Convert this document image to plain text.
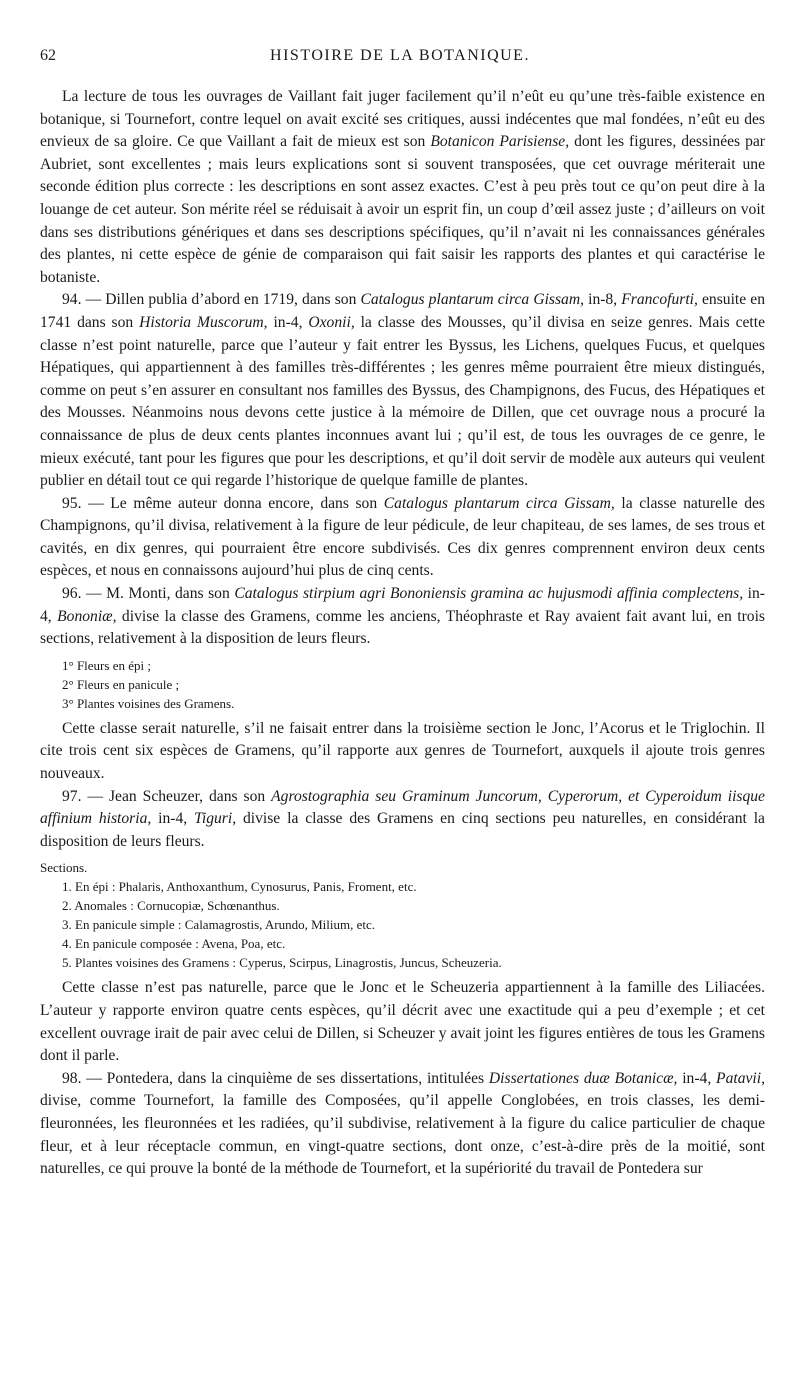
62	HISTOIRE DE LA BOTANIQUE.

La lecture de tous les ouvrages de Vaillant fait juger facilement qu’il n’eût eu qu’une très-faible existence en botanique, si Tournefort, contre lequel on avait excité ses critiques, aussi indécentes que mal fondées, n’eût eu des envieux de sa gloire. Ce que Vaillant a fait de mieux est son Botanicon Parisiense, dont les figures, dessinées par Aubriet, sont excellentes ; mais leurs explications sont si souvent transposées, que cet ouvrage mériterait une seconde édition plus correcte : les descriptions en sont assez exactes. C’est à peu près tout ce qu’on peut dire à la louange de cet auteur. Son mérite réel se réduisait à avoir un esprit fin, un coup d’œil assez juste ; d’ailleurs on voit dans ses distributions génériques et dans ses descriptions spécifiques, qu’il n’avait ni les connaissances générales des plantes, ni cette espèce de génie de comparaison qui fait saisir les rapports des plantes et qui caractérise le botaniste.

94. — Dillen publia d’abord en 1719, dans son Catalogus plantarum circa Gissam, in-8, Francofurti, ensuite en 1741 dans son Historia Muscorum, in-4, Oxonii, la classe des Mousses, qu’il divisa en seize genres. Mais cette classe n’est point naturelle, parce que l’auteur y fait entrer les Byssus, les Lichens, quelques Fucus, et quelques Hépatiques, qui appartiennent à des familles très-différentes ; les genres même pourraient être mieux distingués, comme on peut s’en assurer en consultant nos familles des Byssus, des Champignons, des Fucus, des Hépatiques et des Mousses. Néanmoins nous devons cette justice à la mémoire de Dillen, que cet ouvrage nous a procuré la connaissance de plus de deux cents plantes inconnues avant lui ; qu’il est, de tous les ouvrages de ce genre, le mieux exécuté, tant pour les figures que pour les descriptions, et qu’il doit servir de modèle aux auteurs qui veulent publier en détail tout ce qui regarde l’historique de quelque famille de plantes.

95. — Le même auteur donna encore, dans son Catalogus plantarum circa Gissam, la classe naturelle des Champignons, qu’il divisa, relativement à la figure de leur pédicule, de leur chapiteau, de ses lames, de ses trous et cavités, en dix genres, qui pourraient être encore subdivisés. Ces dix genres comprennent environ deux cents espèces, et nous en connaissons aujourd’hui plus de cinq cents.

96. — M. Monti, dans son Catalogus stirpium agri Bononiensis gramina ac hujusmodi affinia complectens, in-4, Bononiæ, divise la classe des Gramens, comme les anciens, Théophraste et Ray avaient fait avant lui, en trois sections, relativement à la disposition de leurs fleurs.

1° Fleurs en épi ;
2° Fleurs en panicule ;
3° Plantes voisines des Gramens.

Cette classe serait naturelle, s’il ne faisait entrer dans la troisième section le Jonc, l’Acorus et le Triglochin. Il cite trois cent six espèces de Gramens, qu’il rapporte aux genres de Tournefort, auxquels il ajoute trois genres nouveaux.

97. — Jean Scheuzer, dans son Agrostographia seu Graminum Juncorum, Cyperorum, et Cyperoidum iisque affinium historia, in-4, Tiguri, divise la classe des Gramens en cinq sections peu naturelles, en considérant la disposition de leurs fleurs.

Sections.
1. En épi : Phalaris, Anthoxanthum, Cynosurus, Panis, Froment, etc.
2. Anomales : Cornucopiæ, Schœnanthus.
3. En panicule simple : Calamagrostis, Arundo, Milium, etc.
4. En panicule composée : Avena, Poa, etc.
5. Plantes voisines des Gramens : Cyperus, Scirpus, Linagrostis, Juncus, Scheuzeria.

Cette classe n’est pas naturelle, parce que le Jonc et le Scheuzeria appartiennent à la famille des Liliacées. L’auteur y rapporte environ quatre cents espèces, qu’il décrit avec une exactitude qui a peu d’exemple ; et cet excellent ouvrage irait de pair avec celui de Dillen, si Scheuzer y avait joint les figures entières de tous les Gramens dont il parle.

98. — Pontedera, dans la cinquième de ses dissertations, intitulées Dissertationes duæ Botanicæ, in-4, Patavii, divise, comme Tournefort, la famille des Composées, qu’il appelle Conglobées, en trois classes, les demi-fleuronnées, les fleuronnées et les radiées, qu’il subdivise, relativement à la figure du calice particulier de chaque fleur, et à leur réceptacle commun, en vingt-quatre sections, dont onze, c’est-à-dire près de la moitié, sont naturelles, ce qui prouve la bonté de la méthode de Tournefort, et la supériorité du travail de Pontedera sur
